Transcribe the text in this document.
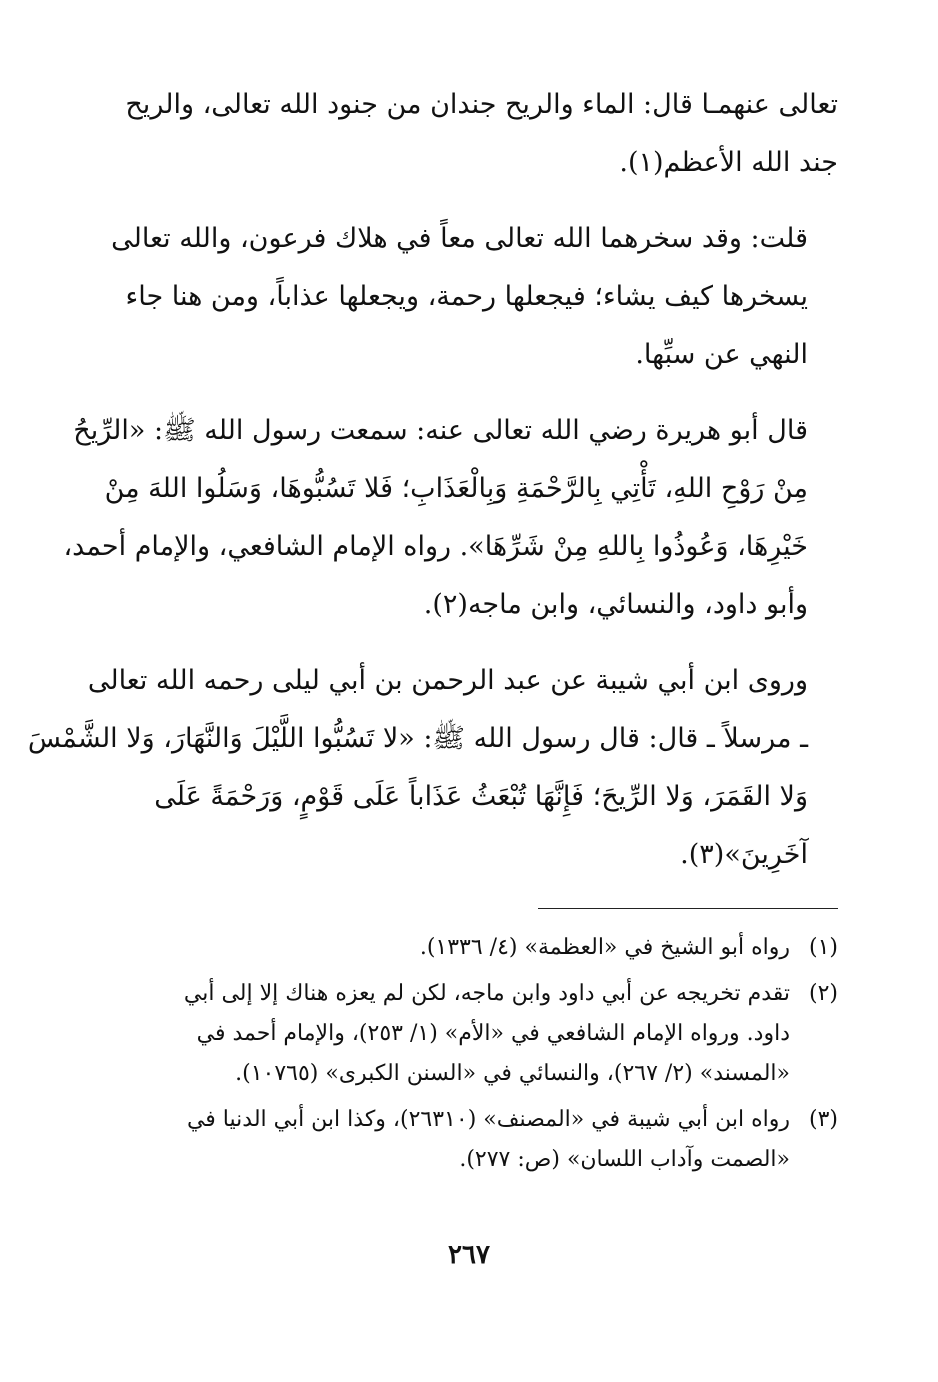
تعالى عنهمـا قال: الماء والريح جندان من جنود الله تعالى، والريح
جند الله الأعظم(١).

قلت: وقد سخرهما الله تعالى معاً في هلاك فرعون، والله تعالى
يسخرها كيف يشاء؛ فيجعلها رحمة، ويجعلها عذاباً، ومن هنا جاء
النهي عن سبِّها.

قال أبو هريرة رضي الله تعالى عنه: سمعت رسول الله ﷺ: «الرِّيحُ
مِنْ رَوْحِ اللهِ، تَأْتِي بِالرَّحْمَةِ وَبِالْعَذَابِ؛ فَلا تَسُبُّوهَا، وَسَلُوا اللهَ مِنْ
خَيْرِهَا، وَعُوذُوا بِاللهِ مِنْ شَرِّهَا». رواه الإمام الشافعي، والإمام أحمد،
وأبو داود، والنسائي، وابن ماجه(٢).

وروى ابن أبي شيبة عن عبد الرحمن بن أبي ليلى رحمه الله تعالى
ـ مرسلاً ـ قال: قال رسول الله ﷺ: «لا تَسُبُّوا اللَّيْلَ وَالنَّهَارَ، وَلا الشَّمْسَ
وَلا القَمَرَ، وَلا الرِّيحَ؛ فَإِنَّهَا تُبْعَثُ عَذَاباً عَلَى قَوْمٍ، وَرَحْمَةً عَلَى
آخَرِينَ»(٣).

(١)
رواه أبو الشيخ في «العظمة» (٤/ ١٣٣٦).
(٢)
تقدم تخريجه عن أبي داود وابن ماجه، لكن لم يعزه هناك إلا إلى أبي
داود. ورواه الإمام الشافعي في «الأم» (١/ ٢٥٣)، والإمام أحمد في
«المسند» (٢/ ٢٦٧)، والنسائي في «السنن الكبرى» (١٠٧٦٥).
(٣)
رواه ابن أبي شيبة في «المصنف» (٢٦٣١٠)، وكذا ابن أبي الدنيا في
«الصمت وآداب اللسان» (ص: ٢٧٧).
٢٦٧
